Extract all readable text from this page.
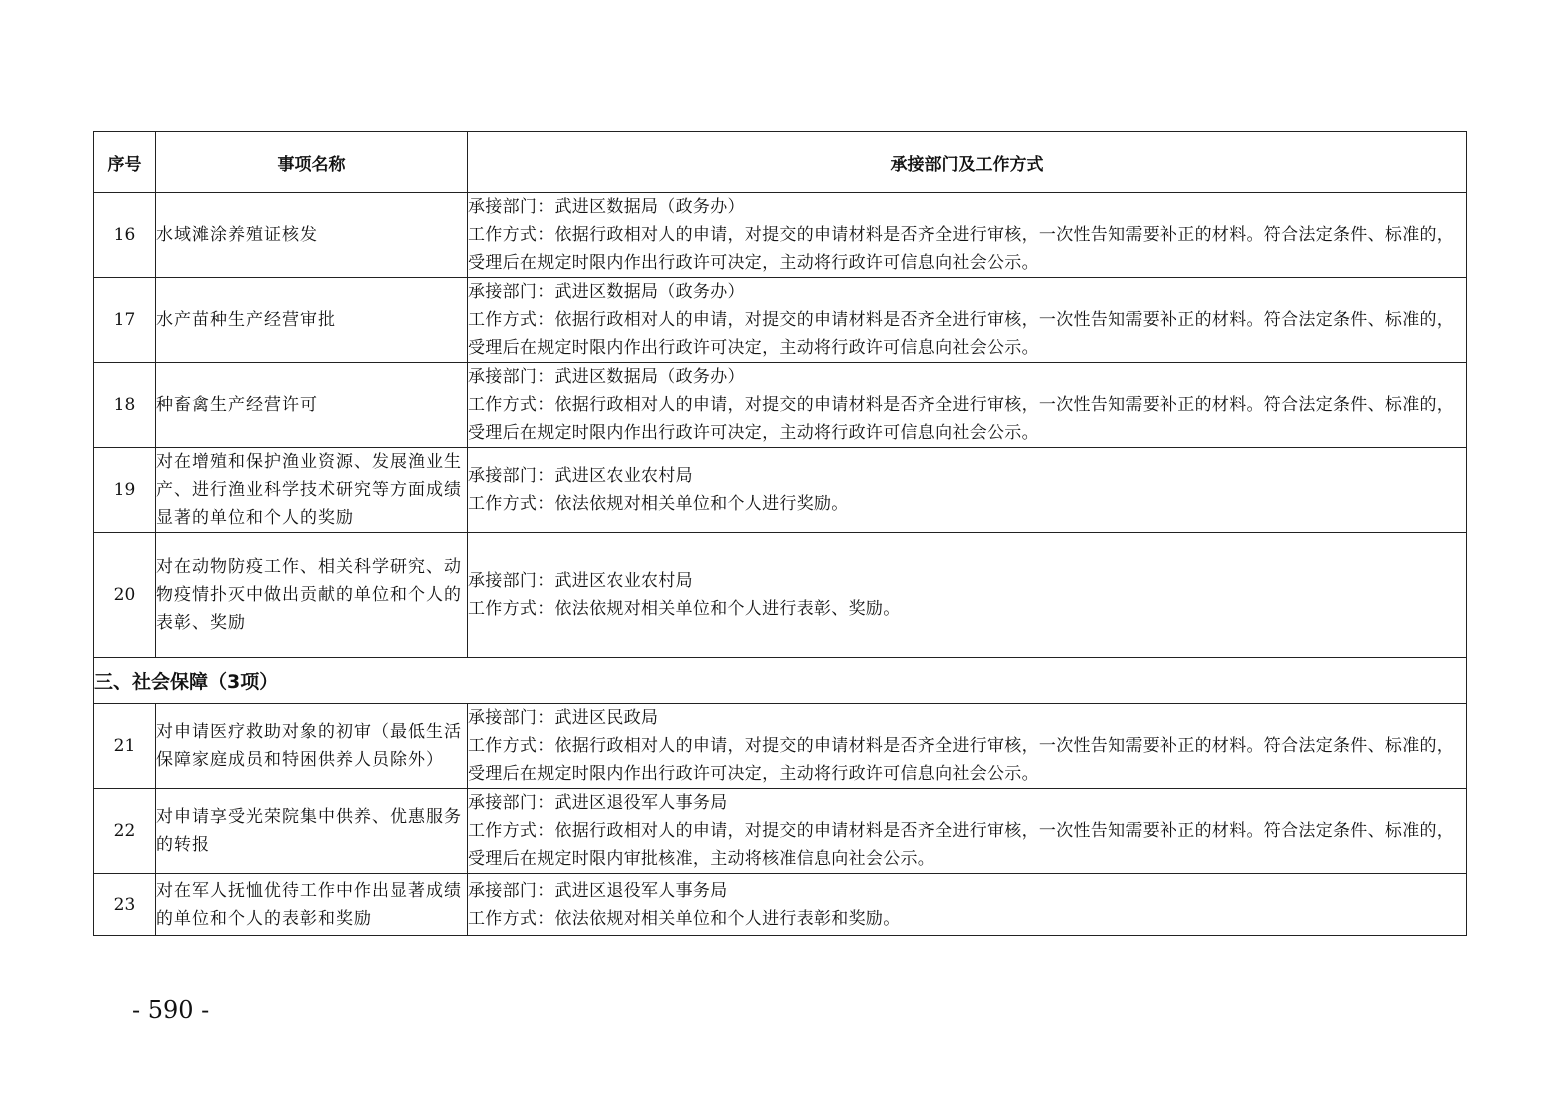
序号	事项名称	承接部门及工作方式
16	水域滩涂养殖证核发	承接部门：武进区数据局（政务办）
工作方式：依据行政相对人的申请，对提交的申请材料是否齐全进行审核，一次性告知需要补正的材料。符合法定条件、标准的，受理后在规定时限内作出行政许可决定，主动将行政许可信息向社会公示。

17	水产苗种生产经营审批	承接部门：武进区数据局（政务办）
工作方式：依据行政相对人的申请，对提交的申请材料是否齐全进行审核，一次性告知需要补正的材料。符合法定条件、标准的，受理后在规定时限内作出行政许可决定，主动将行政许可信息向社会公示。

18	种畜禽生产经营许可	承接部门：武进区数据局（政务办）
工作方式：依据行政相对人的申请，对提交的申请材料是否齐全进行审核，一次性告知需要补正的材料。符合法定条件、标准的，受理后在规定时限内作出行政许可决定，主动将行政许可信息向社会公示。

19	对在增殖和保护渔业资源、发展渔业生产、进行渔业科学技术研究等方面成绩显著的单位和个人的奖励	承接部门：武进区农业农村局
工作方式：依法依规对相关单位和个人进行奖励。

20	对在动物防疫工作、相关科学研究、动物疫情扑灭中做出贡献的单位和个人的表彰、奖励	承接部门：武进区农业农村局
工作方式：依法依规对相关单位和个人进行表彰、奖励。

三、社会保障（3项）		
21	对申请医疗救助对象的初审（最低生活保障家庭成员和特困供养人员除外）	承接部门：武进区民政局
工作方式：依据行政相对人的申请，对提交的申请材料是否齐全进行审核，一次性告知需要补正的材料。符合法定条件、标准的，受理后在规定时限内作出行政许可决定，主动将行政许可信息向社会公示。

22	对申请享受光荣院集中供养、优惠服务的转报	承接部门：武进区退役军人事务局
工作方式：依据行政相对人的申请，对提交的申请材料是否齐全进行审核，一次性告知需要补正的材料。符合法定条件、标准的，受理后在规定时限内审批核准，主动将核准信息向社会公示。

23	对在军人抚恤优待工作中作出显著成绩的单位和个人的表彰和奖励	承接部门：武进区退役军人事务局
工作方式：依法依规对相关单位和个人进行表彰和奖励。
- 590 -
